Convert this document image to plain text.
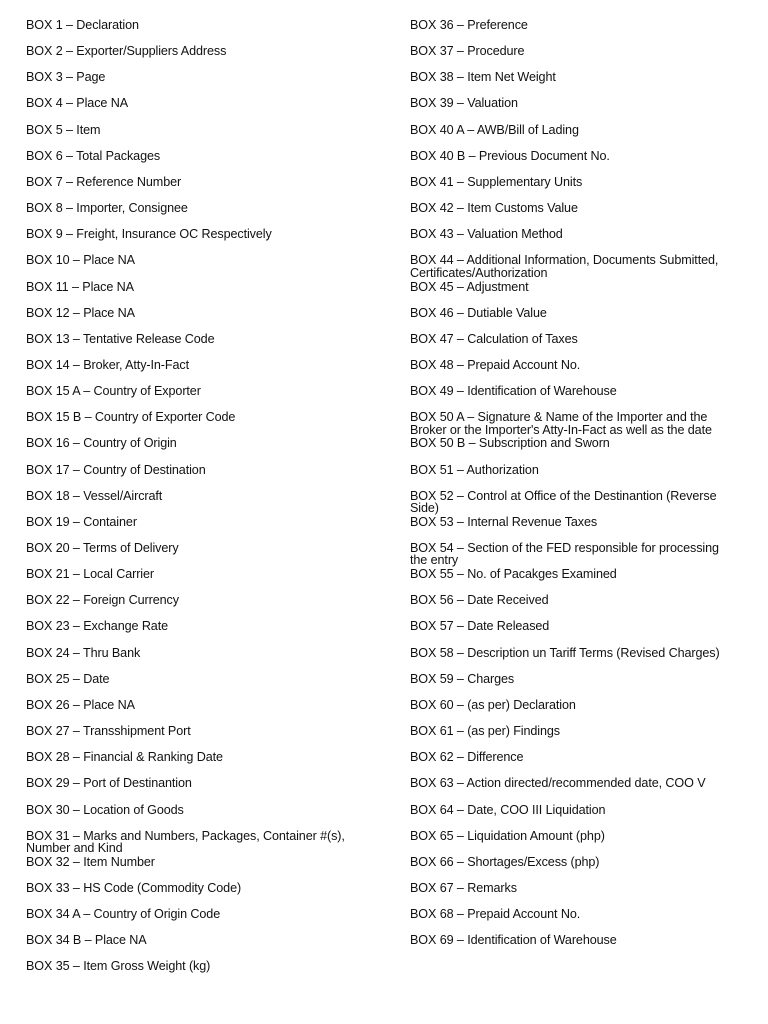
BOX 1 – Declaration
BOX 2 – Exporter/Suppliers Address
BOX 3 – Page
BOX 4 – Place NA
BOX 5 – Item
BOX 6 – Total Packages
BOX 7 – Reference Number
BOX 8 – Importer, Consignee
BOX 9 – Freight, Insurance OC Respectively
BOX 10 – Place NA
BOX 11 – Place NA
BOX 12 – Place NA
BOX 13 – Tentative Release Code
BOX 14 – Broker, Atty-In-Fact
BOX 15 A – Country of Exporter
BOX 15 B – Country of Exporter Code
BOX 16 – Country of Origin
BOX 17 – Country of Destination
BOX 18 – Vessel/Aircraft
BOX 19 – Container
BOX 20 – Terms of Delivery
BOX 21 – Local Carrier
BOX 22 – Foreign Currency
BOX 23 – Exchange Rate
BOX 24 – Thru Bank
BOX 25 – Date
BOX 26 – Place NA
BOX 27 – Transshipment Port
BOX 28 – Financial & Ranking Date
BOX 29 – Port of Destinantion
BOX 30 – Location of Goods
BOX 31 – Marks and Numbers, Packages, Container #(s),
Number and Kind
BOX 32 – Item Number
BOX 33 – HS Code (Commodity Code)
BOX 34 A – Country of Origin Code
BOX 34 B – Place NA
BOX 35 – Item Gross Weight (kg)
BOX 36 – Preference
BOX 37 – Procedure
BOX 38 – Item Net Weight
BOX 39 – Valuation
BOX 40 A – AWB/Bill of Lading
BOX 40 B – Previous Document No.
BOX 41 – Supplementary Units
BOX 42 – Item Customs Value
BOX 43 – Valuation Method
BOX 44 – Additional Information, Documents Submitted,
Certificates/Authorization
BOX 45 – Adjustment
BOX 46 – Dutiable Value
BOX 47 – Calculation of Taxes
BOX 48 – Prepaid Account No.
BOX 49 – Identification of Warehouse
BOX 50 A – Signature & Name of the Importer and the
Broker or the Importer's Atty-In-Fact as well as the date
BOX 50 B – Subscription and Sworn
BOX 51 – Authorization
BOX 52 – Control at Office of the Destinantion (Reverse
Side)
BOX 53 – Internal Revenue Taxes
BOX 54 – Section of the FED responsible for processing
the entry
BOX 55 – No. of Pacakges Examined
BOX 56 – Date Received
BOX 57 – Date Released
BOX 58 – Description un Tariff Terms (Revised Charges)
BOX 59 – Charges
BOX 60 – (as per) Declaration
BOX 61 – (as per) Findings
BOX 62 – Difference
BOX 63 – Action directed/recommended date, COO V
BOX 64 – Date, COO III Liquidation
BOX 65 – Liquidation Amount (php)
BOX 66 – Shortages/Excess (php)
BOX 67 – Remarks
BOX 68 – Prepaid Account No.
BOX 69 – Identification of Warehouse
